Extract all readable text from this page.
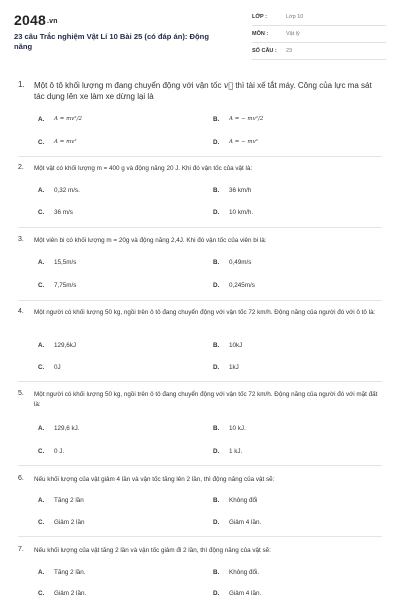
2048.vn
23 câu Trắc nghiệm Vật Lí 10 Bài 25 (có đáp án): Động năng
LỚP :	Lớp 10
MÔN :	Vật lý
SỐ CÂU : 23
1. Một ô tô khối lượng m đang chuyển động với vận tốc v⃗ thì tài xế tắt máy. Công của lực ma sát tác dụng lên xe làm xe dừng lại là
A. A = mv²/2	B. A = − mv²/2
C. A = mv²	D. A = − mv²
2. Một vật có khối lượng m = 400 g và động năng 20 J. Khi đó vận tốc của vật là:
A. 0,32 m/s.	B. 36 km/h
C. 36 m/s	D. 10 km/h.
3. Một viên bi có khối lượng m = 20g và động năng 2,4J. Khi đó vận tốc của viên bi là:
A. 15,5m/s	B. 0,49m/s
C. 7,75m/s	D. 0,245m/s
4. Một người có khối lượng 50 kg, ngồi trên ô tô đang chuyển động với vận tốc 72 km/h. Động năng của người đó với ô tô là:
A. 129,6kJ	B. 10kJ
C. 0J	D. 1kJ
5. Một người có khối lượng 50 kg, ngồi trên ô tô đang chuyển động với vận tốc 72 km/h. Động năng của người đó với mặt đất là:
A. 129,6 kJ.	B. 10 kJ.
C. 0 J.	D. 1 kJ.
6. Nếu khối lượng của vật giảm 4 lần và vận tốc tăng lên 2 lần, thì động năng của vật sẽ:
A. Tăng 2 lần	B. Không đổi
C. Giảm 2 lần	D. Giảm 4 lần.
7. Nếu khối lượng của vật tăng 2 lần và vận tốc giảm đi 2 lần, thì động năng của vật sẽ:
A. Tăng 2 lần.	B. Không đổi.
C. Giảm 2 lần.	D. Giảm 4 lần.
